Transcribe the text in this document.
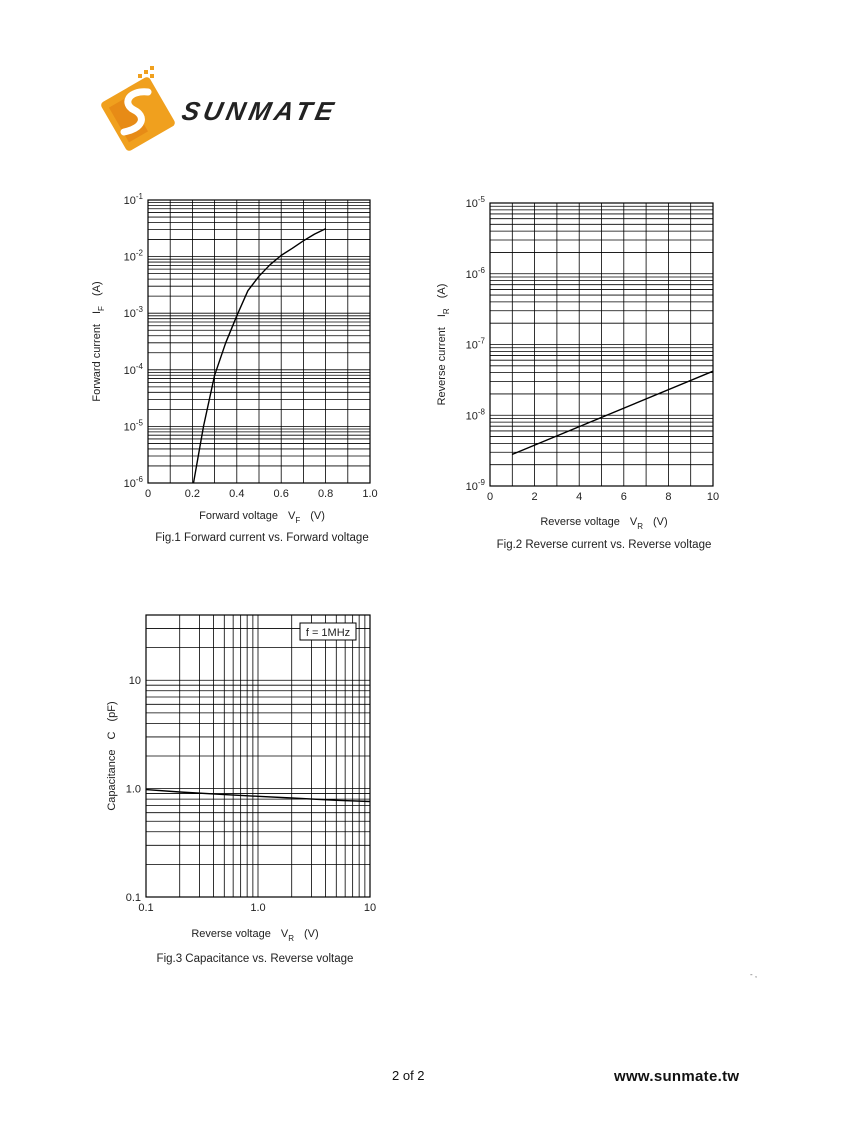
SUNMATE
0	0.2	0.4	0.6	0.8	1.0
$10^{-1}$
$10^{-2}$
$10^{-3}$
$10^{-4}$
$10^{-5}$
$10^{-6}$
Forward voltage $V_F$ (V)
Forward currentI$_F$(A)
Fig.1 Forward current vs. Forward voltage
0	2	4	6	8	10
$10^{-5}$
$10^{-6}$
$10^{-7}$
$10^{-8}$
$10^{-9}$
Reverse voltage $V_R$ (V)
Reverse currentI$_R$(A)
Fig.2 Reverse current vs. Reverse voltage
0.1	1.0	10
10
1.0
0.1
Reverse voltage $V_R$ (V)
CapacitanceC(pF)
Fig.3 Capacitance vs. Reverse voltage
f = 1MHz
- ,
2 of 2	www.sunmate.tw
